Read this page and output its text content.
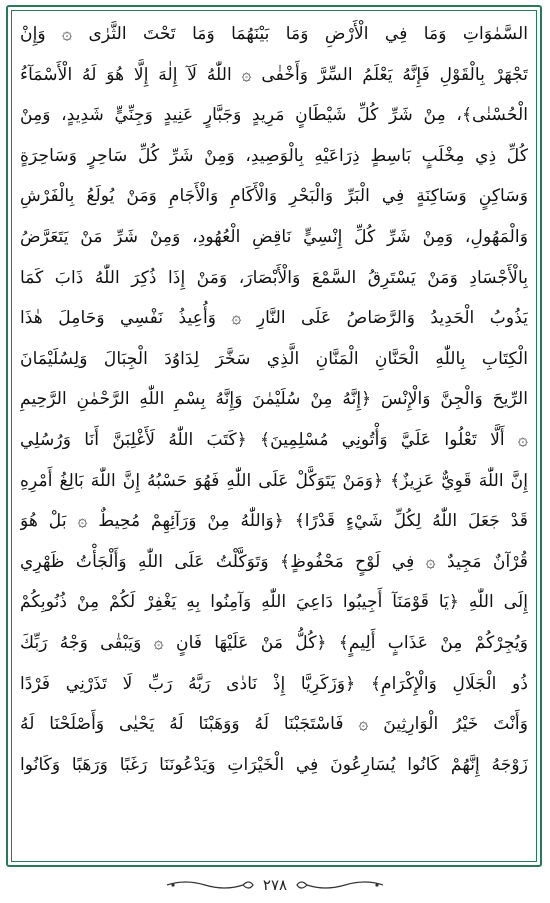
السَّمٰوَاتِ وَمَا فِي الْأَرْضِ وَمَا بَيْنَهُمَا وَمَا تَحْتَ الثَّرٰى ۞ وَإِنْ
تَجْهَرْ بِالْقَوْلِ فَإِنَّهُ يَعْلَمُ السِّرَّ وَأَخْفٰى ۞ اللّٰهُ لَآ إِلٰهَ إِلَّا هُوَ لَهُ الْأَسْمَآءُ
الْحُسْنٰى﴾، مِنْ شَرِّ كُلِّ شَيْطَانٍ مَرِيدٍ وَجَبَّارٍ عَنِيدٍ وَجِنِّيٍّ شَدِيدٍ، وَمِنْ
كُلِّ ذِي مِخْلَبٍ بَاسِطٍ ذِرَاعَيْهِ بِالْوَصِيدِ، وَمِنْ شَرِّ كُلِّ سَاحِرٍ وَسَاحِرَةٍ
وَسَاكِنٍ وَسَاكِنَةٍ فِي الْبَرِّ وَالْبَحْرِ وَالْأَكَامِ وَالْأَجَامِ وَمَنْ يُولَعُ بِالْفَرْشِ
وَالْمَهُولِ، وَمِنْ شَرِّ كُلِّ إِنْسِيٍّ نَاقِضِ الْعُهُودِ، وَمِنْ شَرِّ مَنْ يَتَعَرَّضُ
بِالْأَجْسَادِ وَمَنْ يَسْتَرِقُ السَّمْعَ وَالْأَبْصَارَ، وَمَنْ إِذَا ذُكِرَ اللّٰهُ ذَابَ كَمَا
يَذُوبُ الْحَدِيدُ وَالرَّصَاصُ عَلَى النَّارِ ۞ وَأُعِيذُ نَفْسِي وَحَامِلَ هٰذَا
الْكِتَابِ بِاللّٰهِ الْحَنَّانِ الْمَنَّانِ الَّذِي سَخَّرَ لِدَاوُدَ الْجِبَالَ وَلِسُلَيْمَانَ
الرِّيحَ وَالْجِنَّ وَالْإِنْسَ ﴿إِنَّهُ مِنْ سُلَيْمٰنَ وَإِنَّهُ بِسْمِ اللّٰهِ الرَّحْمٰنِ الرَّحِيمِ
۞ أَلَّا تَعْلُوا عَلَيَّ وَأْتُونِي مُسْلِمِينَ﴾ ﴿كَتَبَ اللّٰهُ لَأَغْلِبَنَّ أَنَا وَرُسُلِي
إِنَّ اللّٰهَ قَوِيٌّ عَزِيزٌ﴾ ﴿وَمَنْ يَتَوَكَّلْ عَلَى اللّٰهِ فَهُوَ حَسْبُهُ إِنَّ اللّٰهَ بَالِغُ أَمْرِهِ
قَدْ جَعَلَ اللّٰهُ لِكُلِّ شَيْءٍ قَدْرًا﴾ ﴿وَاللّٰهُ مِنْ وَرَآئِهِمْ مُحِيطٌ ۞ بَلْ هُوَ
قُرْآنٌ مَجِيدٌ ۞ فِي لَوْحٍ مَحْفُوظٍ﴾ وَتَوَكَّلْتُ عَلَى اللّٰهِ وَأَلْجَأْتُ ظَهْرِي
إِلَى اللّٰهِ ﴿يَا قَوْمَنَآ أَجِيبُوا دَاعِيَ اللّٰهِ وَآمِنُوا بِهِ يَغْفِرْ لَكُمْ مِنْ ذُنُوبِكُمْ
وَيُجِرْكُمْ مِنْ عَذَابٍ أَلِيمٍ﴾ ﴿كُلُّ مَنْ عَلَيْهَا فَانٍ ۞ وَيَبْقٰى وَجْهُ رَبِّكَ
ذُو الْجَلَالِ وَالْإِكْرَامِ﴾ ﴿وَزَكَرِيَّا إِذْ نَادٰى رَبَّهُ رَبِّ لَا تَذَرْنِي فَرْدًا
وَأَنْتَ خَيْرُ الْوَارِثِينَ ۞ فَاسْتَجَبْنَا لَهُ وَوَهَبْنَا لَهُ يَحْيٰى وَأَصْلَحْنَا لَهُ
زَوْجَهُ إِنَّهُمْ كَانُوا يُسَارِعُونَ فِي الْخَيْرَاتِ وَيَدْعُونَنَا رَغَبًا وَرَهَبًا وَكَانُوا
٢٧٨
